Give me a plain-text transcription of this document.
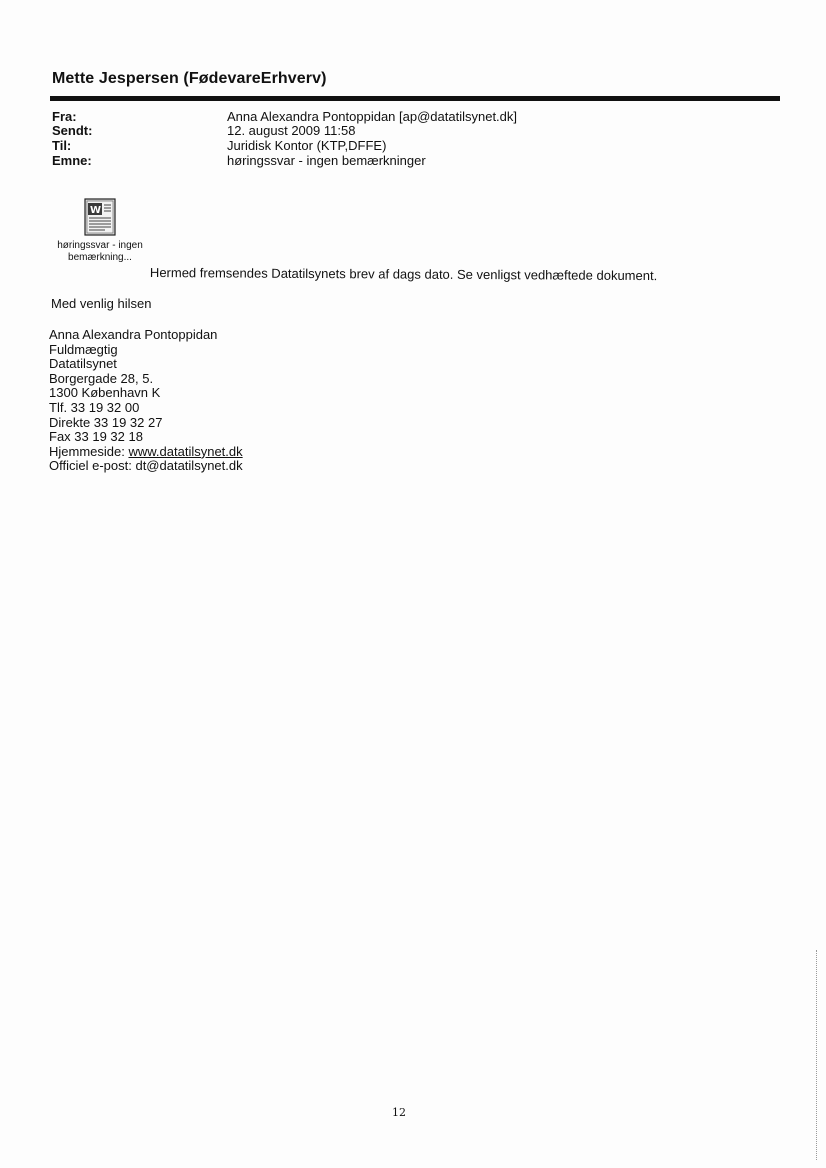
Mette Jespersen (FødevareErhverv)
Fra:	Anna Alexandra Pontoppidan [ap@datatilsynet.dk]
Sendt:	12. august 2009 11:58
Til:	Juridisk Kontor (KTP,DFFE)
Emne:	høringssvar - ingen bemærkninger
W
høringssvar - ingen
bemærkning...
Hermed fremsendes Datatilsynets brev af dags dato. Se venligst vedhæftede dokument.
Med venlig hilsen
Anna Alexandra Pontoppidan
Fuldmægtig
Datatilsynet
Borgergade 28, 5.
1300 København K
Tlf. 33 19 32 00
Direkte 33 19 32 27
Fax 33 19 32 18
Hjemmeside: www.datatilsynet.dk
Officiel e-post: dt@datatilsynet.dk
12
